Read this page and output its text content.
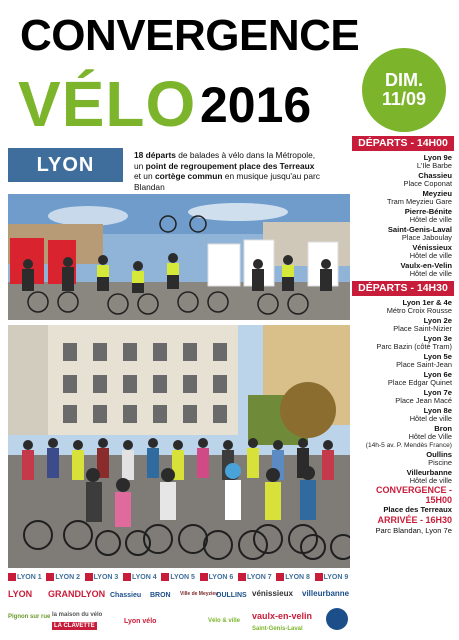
CONVERGENCE
VÉLO 2016	DIM.
11/09
LYON	18 départs de balades à vélo dans la Métropole,
un point de regroupement place des Terreaux
et un cortège commun en musique jusqu'au parc Blandan
DÉPARTS - 14H00
Lyon 9e
L'Ile Barbe
Chassieu
Place Coponat
Meyzieu
Tram Meyzieu Gare
Pierre-Bénite
Hôtel de ville
Saint-Genis-Laval
Place Jaboulay
Vénissieux
Hôtel de ville
Vaulx-en-Velin
Hôtel de ville
DÉPARTS - 14H30
Lyon 1er & 4e
Métro Croix Rousse
Lyon 2e
Place Saint-Nizier
Lyon 3e
Parc Bazin (côté Tram)
Lyon 5e
Place Saint-Jean
Lyon 6e
Place Edgar Quinet
Lyon 7e
Place Jean Macé
Lyon 8e
Hôtel de ville
Bron
Hôtel de Ville
(14h-5 av. P. Mendès France)
Oullins
Piscine
Villeurbanne
Hôtel de ville
CONVERGENCE - 15H00
Place des Terreaux
ARRIVÉE - 16H30
Parc Blandan, Lyon 7e
LYON 1 LYON 2 LYON 3 LYON 4 LYON 5 LYON 6 LYON 7 LYON 8 LYON 9
LYON GRANDLYON Chassieu BRON Ville de Meyzieu
OULLINS vénissieux villeurbanne
Pignon sur rue la maison du vélo
LA CLAVETTE
Lyon vélo	Vélo & ville vaulx-en-velin
Saint-Genis-Laval
